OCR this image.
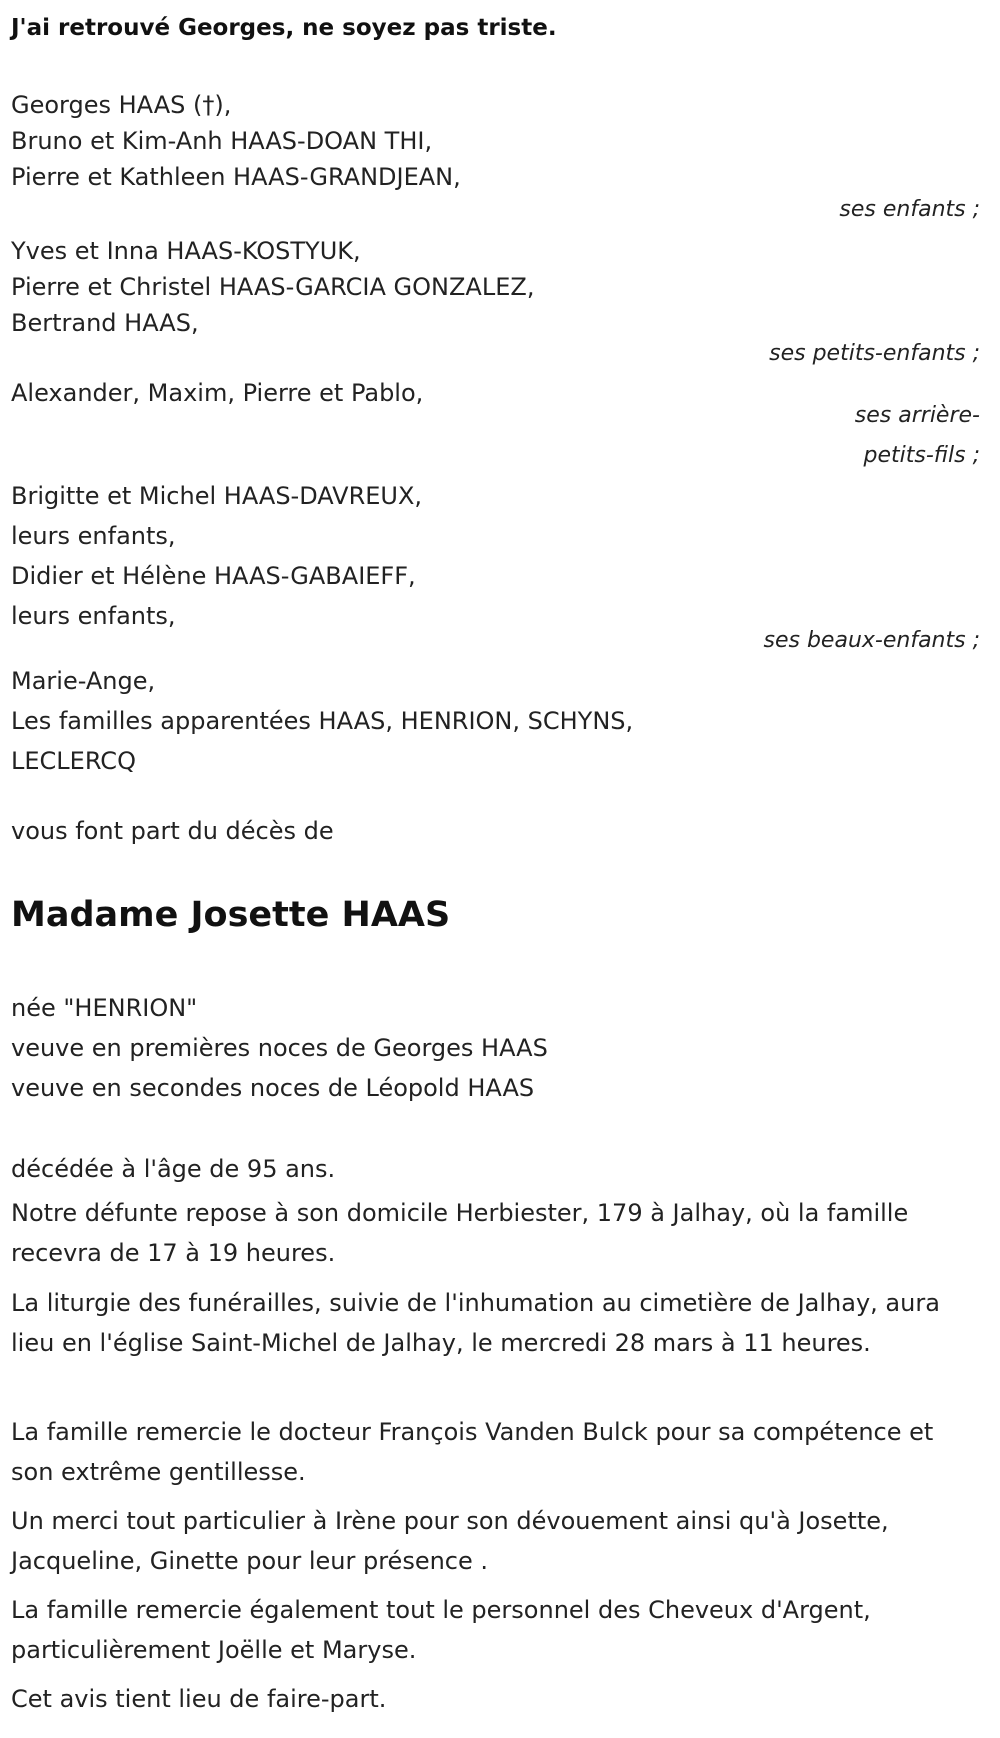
J'ai retrouvé Georges, ne soyez pas triste.
Georges HAAS (†),
Bruno et Kim-Anh HAAS-DOAN THI,
Pierre et Kathleen HAAS-GRANDJEAN,
ses enfants ;
Yves et Inna HAAS-KOSTYUK,
Pierre et Christel HAAS-GARCIA GONZALEZ,
Bertrand HAAS,
ses petits-enfants ;
Alexander, Maxim, Pierre et Pablo,
ses arrière-
petits-fils ;
Brigitte et Michel HAAS-DAVREUX,
leurs enfants,
Didier et Hélène HAAS-GABAIEFF,
leurs enfants,
ses beaux-enfants ;
Marie-Ange,
Les familles apparentées HAAS, HENRION, SCHYNS,
LECLERCQ
vous font part du décès de
Madame Josette HAAS
née "HENRION"
veuve en premières noces de Georges HAAS
veuve en secondes noces de Léopold HAAS
décédée à l'âge de 95 ans.
Notre défunte repose à son domicile Herbiester, 179 à Jalhay, où la famille recevra de 17 à 19 heures.
La liturgie des funérailles, suivie de l'inhumation au cimetière de Jalhay, aura lieu en l'église Saint-Michel de Jalhay, le mercredi 28 mars à 11 heures.
La famille remercie le docteur François Vanden Bulck pour sa compétence et son extrême gentillesse.
Un merci tout particulier à Irène pour son dévouement ainsi qu'à Josette, Jacqueline, Ginette pour leur présence .
La famille remercie également tout le personnel des Cheveux d'Argent, particulièrement Joëlle et Maryse.
Cet avis tient lieu de faire-part.
